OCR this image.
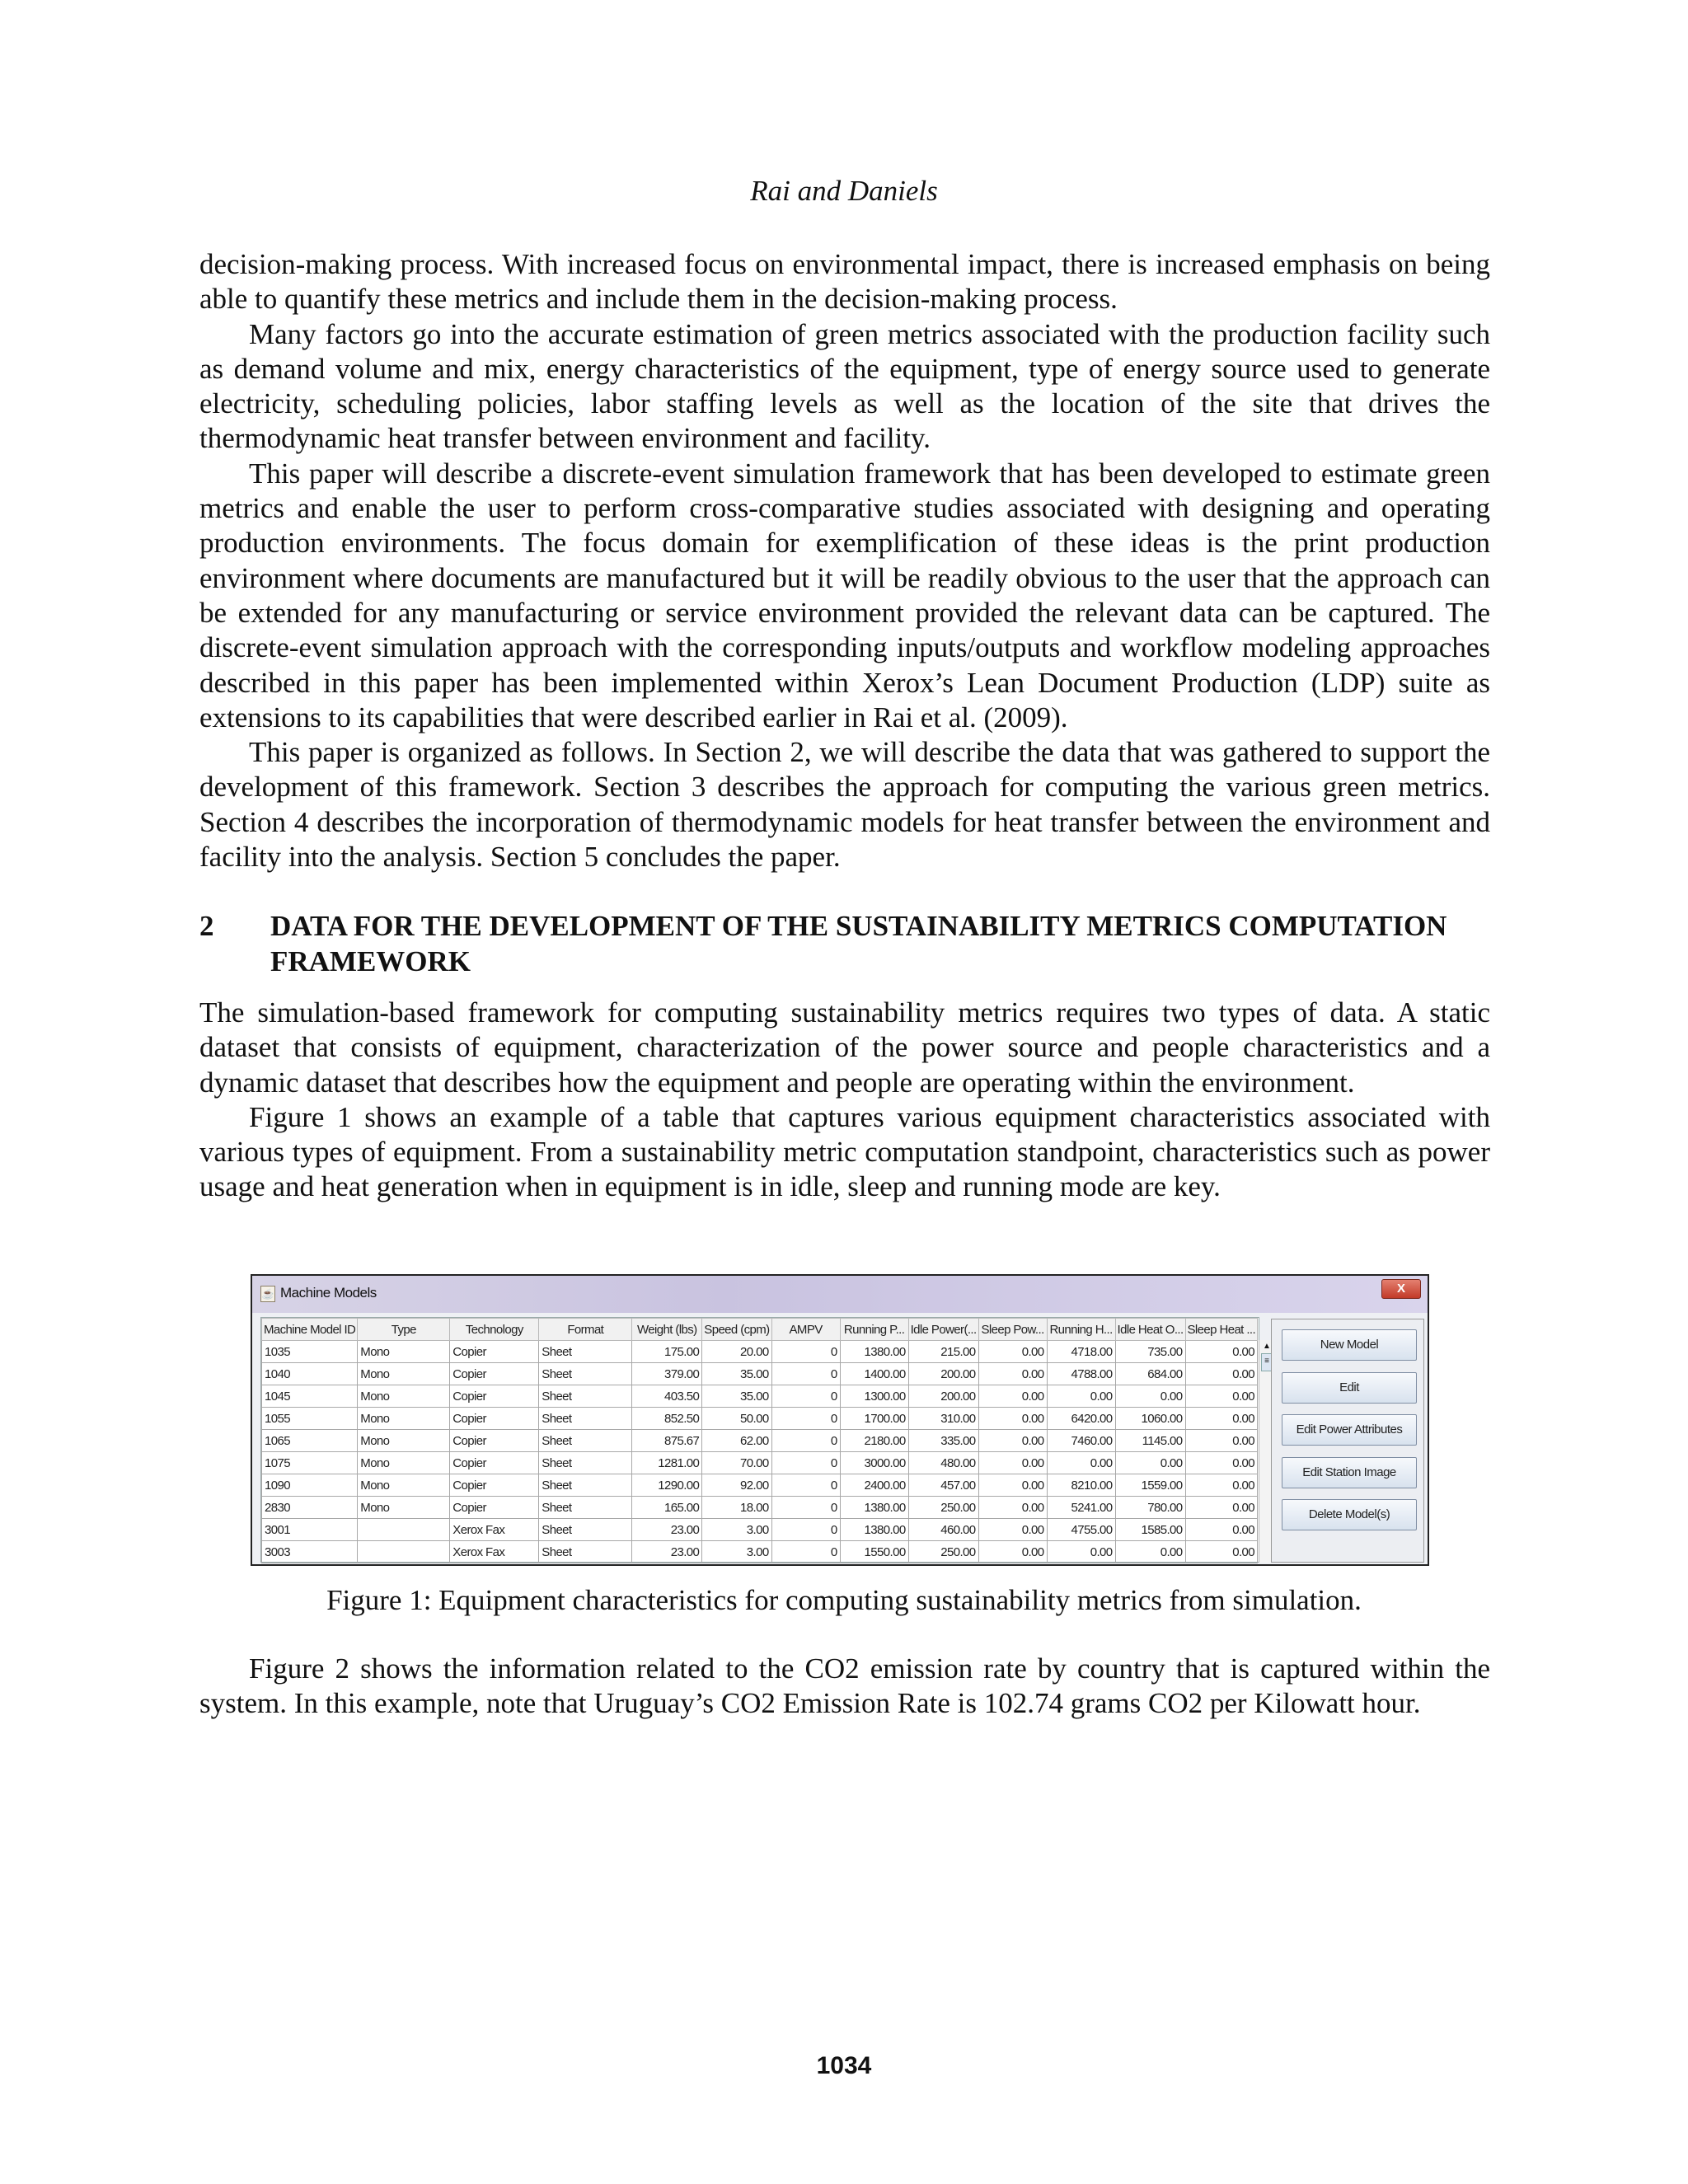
Rai and Daniels

decision-making process. With increased focus on environmental impact, there is increased emphasis on being able to quantify these metrics and include them in the decision-making process.

Many factors go into the accurate estimation of green metrics associated with the production facility such as demand volume and mix, energy characteristics of the equipment, type of energy source used to generate electricity, scheduling policies, labor staffing levels as well as the location of the site that drives the thermodynamic heat transfer between environment and facility.

This paper will describe a discrete-event simulation framework that has been developed to estimate green metrics and enable the user to perform cross-comparative studies associated with designing and operating production environments. The focus domain for exemplification of these ideas is the print production environment where documents are manufactured but it will be readily obvious to the user that the approach can be extended for any manufacturing or service environment provided the relevant data can be captured. The discrete-event simulation approach with the corresponding inputs/outputs and workflow modeling approaches described in this paper has been implemented within Xerox’s Lean Document Production (LDP) suite as extensions to its capabilities that were described earlier in Rai et al. (2009).

This paper is organized as follows. In Section 2, we will describe the data that was gathered to support the development of this framework. Section 3 describes the approach for computing the various green metrics. Section 4 describes the incorporation of thermodynamic models for heat transfer between the environment and facility into the analysis. Section 5 concludes the paper.

2	DATA FOR THE DEVELOPMENT OF THE SUSTAINABILITY METRICS COMPUTATION FRAMEWORK

The simulation-based framework for computing sustainability metrics requires two types of data. A static dataset that consists of equipment, characterization of the power source and people characteristics and a dynamic dataset that describes how the equipment and people are operating within the environment.

Figure 1 shows an example of a table that captures various equipment characteristics associated with various types of equipment. From a sustainability metric computation standpoint, characteristics such as power usage and heat generation when in equipment is in idle, sleep and running mode are key.

☕ Machine Models	X
Machine Model ID	Type	Technology	Format	Weight (lbs)	Speed (cpm)	AMPV	Running P...	Idle Power(...	Sleep Pow...	Running H...	Idle Heat O...	Sleep Heat ...
1035	Mono	Copier	Sheet	175.00	20.00	0	1380.00	215.00	0.00	4718.00	735.00	0.00
1040	Mono	Copier	Sheet	379.00	35.00	0	1400.00	200.00	0.00	4788.00	684.00	0.00
1045	Mono	Copier	Sheet	403.50	35.00	0	1300.00	200.00	0.00	0.00	0.00	0.00
1055	Mono	Copier	Sheet	852.50	50.00	0	1700.00	310.00	0.00	6420.00	1060.00	0.00
1065	Mono	Copier	Sheet	875.67	62.00	0	2180.00	335.00	0.00	7460.00	1145.00	0.00
1075	Mono	Copier	Sheet	1281.00	70.00	0	3000.00	480.00	0.00	0.00	0.00	0.00
1090	Mono	Copier	Sheet	1290.00	92.00	0	2400.00	457.00	0.00	8210.00	1559.00	0.00
2830	Mono	Copier	Sheet	165.00	18.00	0	1380.00	250.00	0.00	5241.00	780.00	0.00
3001		Xerox Fax	Sheet	23.00	3.00	0	1380.00	460.00	0.00	4755.00	1585.00	0.00
3003		Xerox Fax	Sheet	23.00	3.00	0	1550.00	250.00	0.00	0.00	0.00	0.00
▲
≡
New Model
Edit
Edit Power Attributes
Edit Station Image
Delete Model(s)
Figure 1: Equipment characteristics for computing sustainability metrics from simulation.
Figure 2 shows the information related to the CO2 emission rate by country that is captured within the system. In this example, note that Uruguay’s CO2 Emission Rate is 102.74 grams CO2 per Kilowatt hour.
1034
